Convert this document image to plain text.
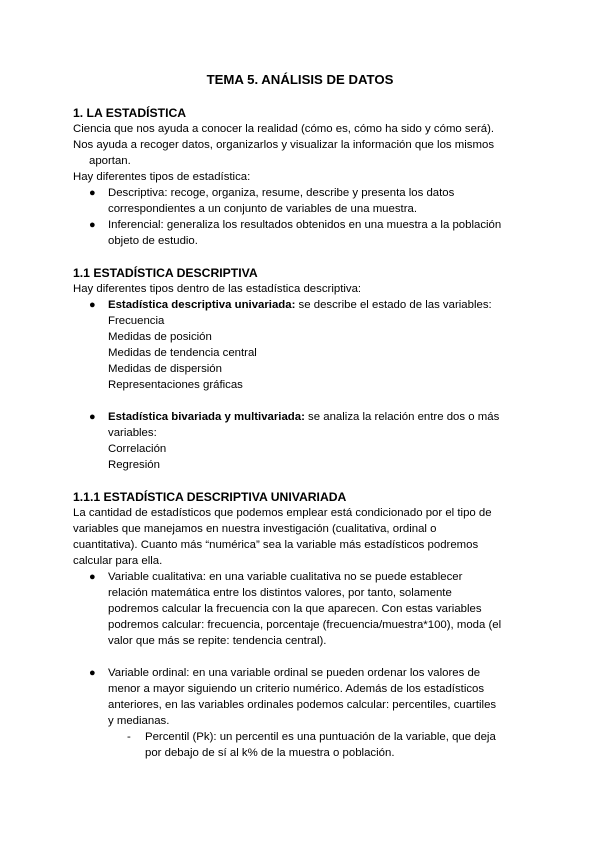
TEMA 5. ANÁLISIS DE DATOS
1. LA ESTADÍSTICA
Ciencia que nos ayuda a conocer la realidad (cómo es, cómo ha sido y cómo será).
Nos ayuda a recoger datos, organizarlos y visualizar la información que los mismos
aportan.
Hay diferentes tipos de estadística:
● Descriptiva: recoge, organiza, resume, describe y presenta los datos
correspondientes a un conjunto de variables de una muestra.
● Inferencial: generaliza los resultados obtenidos en una muestra a la población
objeto de estudio.
1.1 ESTADÍSTICA DESCRIPTIVA
Hay diferentes tipos dentro de las estadística descriptiva:
● Estadística descriptiva univariada: se describe el estado de las variables:
Frecuencia
Medidas de posición
Medidas de tendencia central
Medidas de dispersión
Representaciones gráficas
● Estadística bivariada y multivariada: se analiza la relación entre dos o más
variables:
Correlación
Regresión
1.1.1 ESTADÍSTICA DESCRIPTIVA UNIVARIADA
La cantidad de estadísticos que podemos emplear está condicionado por el tipo de
variables que manejamos en nuestra investigación (cualitativa, ordinal o
cuantitativa). Cuanto más “numérica” sea la variable más estadísticos podremos
calcular para ella.
● Variable cualitativa: en una variable cualitativa no se puede establecer
relación matemática entre los distintos valores, por tanto, solamente
podremos calcular la frecuencia con la que aparecen. Con estas variables
podremos calcular: frecuencia, porcentaje (frecuencia/muestra*100), moda (el
valor que más se repite: tendencia central).
● Variable ordinal: en una variable ordinal se pueden ordenar los valores de
menor a mayor siguiendo un criterio numérico. Además de los estadísticos
anteriores, en las variables ordinales podemos calcular: percentiles, cuartiles
y medianas.
- Percentil (Pk): un percentil es una puntuación de la variable, que deja
por debajo de sí al k% de la muestra o población.
